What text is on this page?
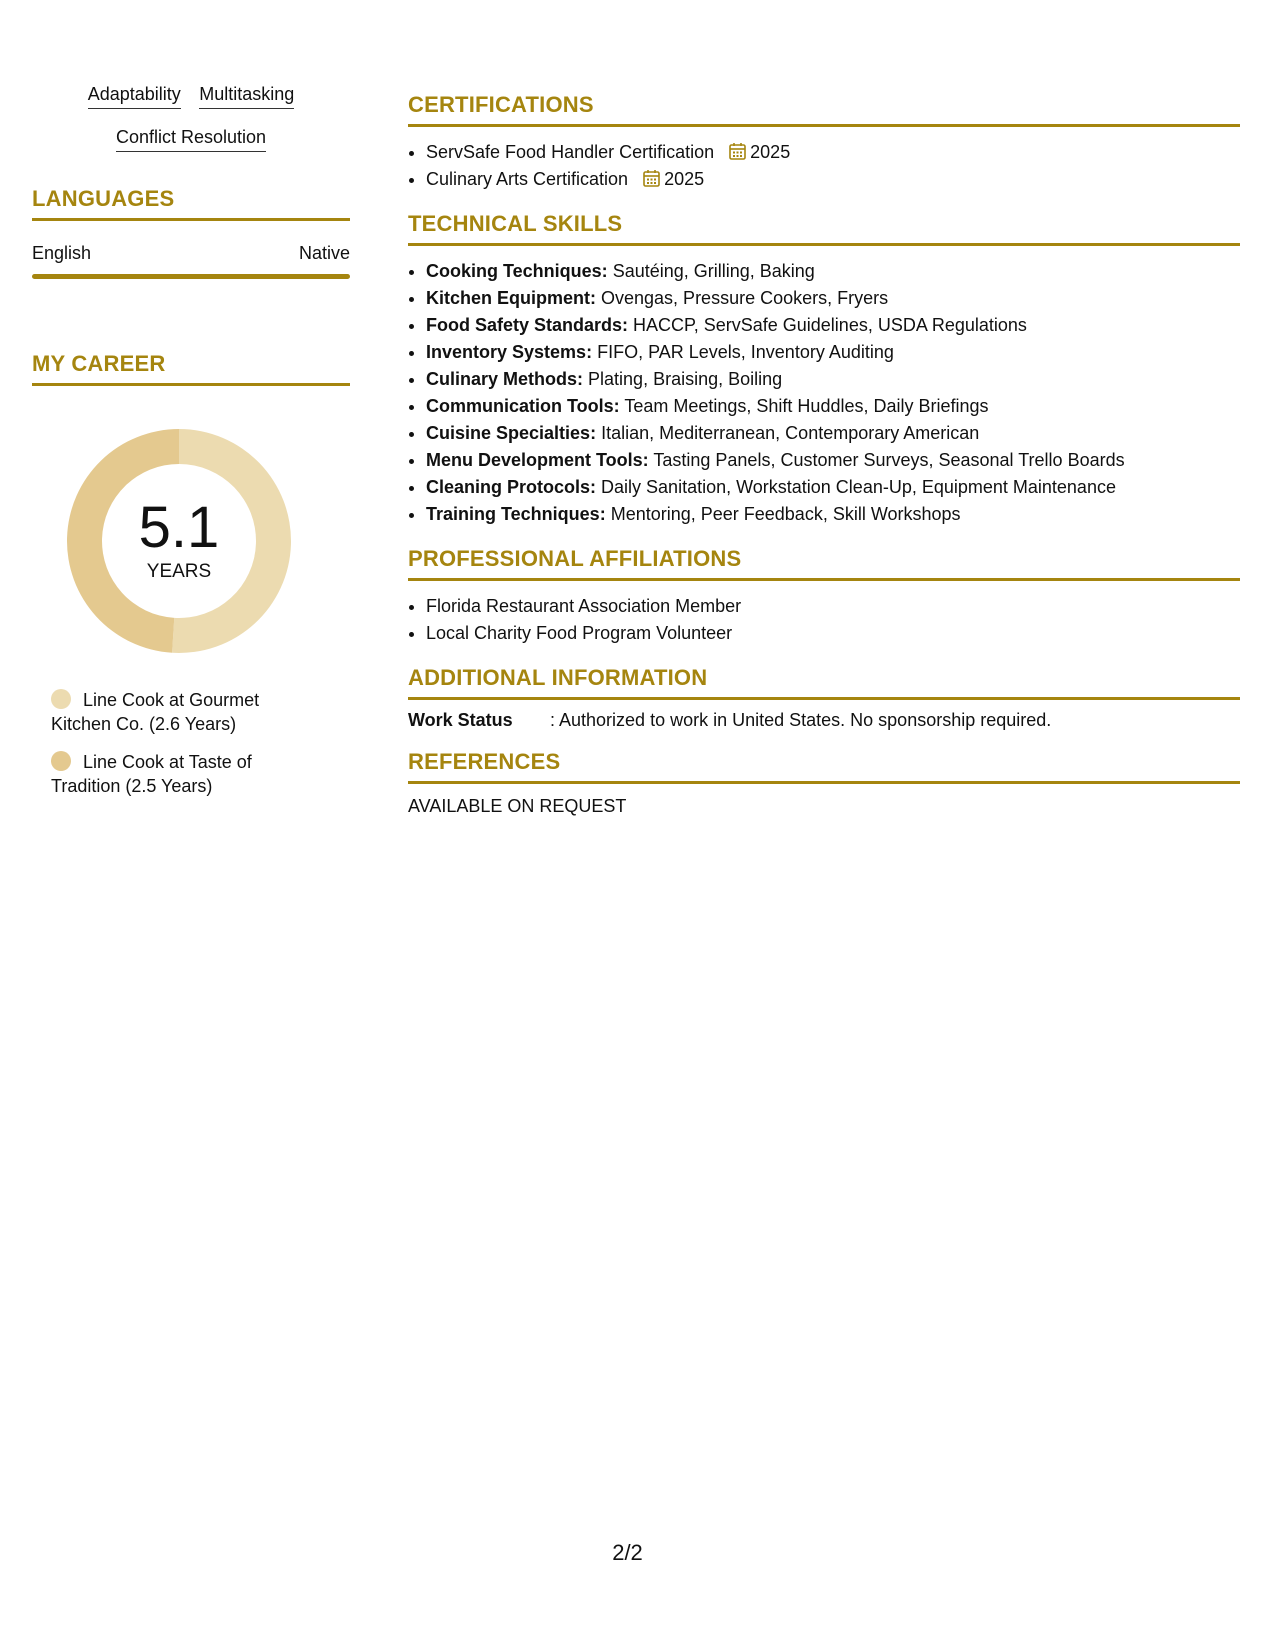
Adaptability Multitasking
Conflict Resolution
LANGUAGES
English	Native
MY CAREER
5.1
YEARS
Line Cook at Gourmet Kitchen Co. (2.6 Years)
Line Cook at Taste of Tradition (2.5 Years)
CERTIFICATIONS
• ServSafe Food Handler Certification 2025
• Culinary Arts Certification 2025
TECHNICAL SKILLS
• Cooking Techniques: Sautéing, Grilling, Baking
• Kitchen Equipment: Ovengas, Pressure Cookers, Fryers
• Food Safety Standards: HACCP, ServSafe Guidelines, USDA Regulations
• Inventory Systems: FIFO, PAR Levels, Inventory Auditing
• Culinary Methods: Plating, Braising, Boiling
• Communication Tools: Team Meetings, Shift Huddles, Daily Briefings
• Cuisine Specialties: Italian, Mediterranean, Contemporary American
• Menu Development Tools: Tasting Panels, Customer Surveys, Seasonal Trello Boards
• Cleaning Protocols: Daily Sanitation, Workstation Clean-Up, Equipment Maintenance
• Training Techniques: Mentoring, Peer Feedback, Skill Workshops
PROFESSIONAL AFFILIATIONS
• Florida Restaurant Association Member
• Local Charity Food Program Volunteer
ADDITIONAL INFORMATION
Work Status	: Authorized to work in United States. No sponsorship required.
REFERENCES
AVAILABLE ON REQUEST
2/2
